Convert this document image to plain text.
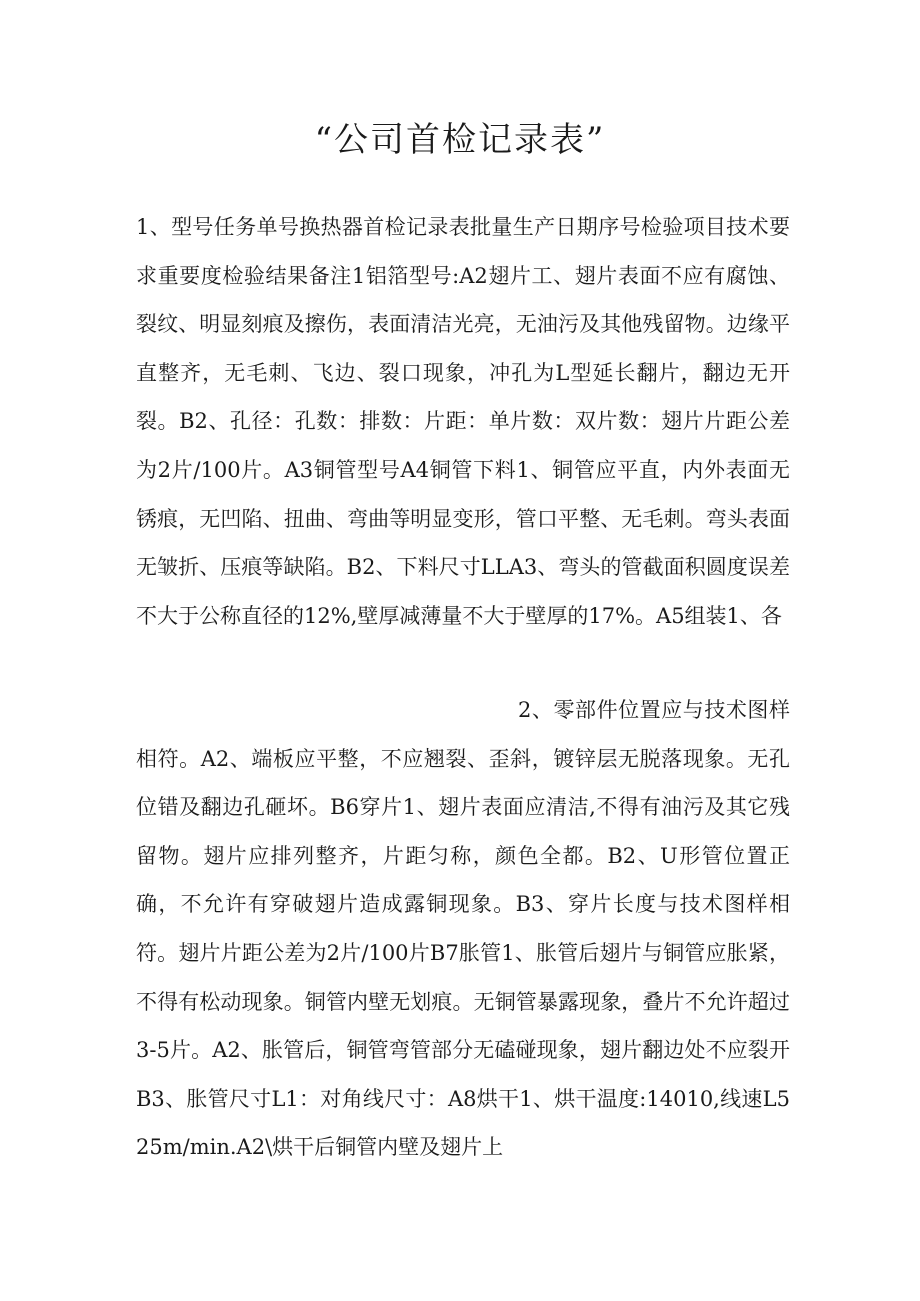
“公司首检记录表”

1、型号任务单号换热器首检记录表批量生产日期序号检验项目技术要求重要度检验结果备注1铝箔型号:A2翅片工、翅片表面不应有腐蚀、裂纹、明显刻痕及擦伤，表面清洁光亮，无油污及其他残留物。边缘平直整齐，无毛刺、飞边、裂口现象，冲孔为L型延长翻片，翻边无开裂。B2、孔径：孔数：排数：片距：单片数：双片数：翅片片距公差为2片/100片。A3铜管型号A4铜管下料1、铜管应平直，内外表面无锈痕，无凹陷、扭曲、弯曲等明显变形，管口平整、无毛刺。弯头表面无皱折、压痕等缺陷。B2、下料尺寸LLA3、弯头的管截面积圆度误差不大于公称直径的12%,壁厚减薄量不大于壁厚的17%。A5组装1、各

2、零部件位置应与技术图样相符。A2、端板应平整，不应翘裂、歪斜，镀锌层无脱落现象。无孔位错及翻边孔砸坏。B6穿片1、翅片表面应清洁,不得有油污及其它残留物。翅片应排列整齐，片距匀称，颜色全都。B2、U形管位置正确，不允许有穿破翅片造成露铜现象。B3、穿片长度与技术图样相符。翅片片距公差为2片/100片B7胀管1、胀管后翅片与铜管应胀紧，不得有松动现象。铜管内壁无划痕。无铜管暴露现象，叠片不允许超过3-5片。A2、胀管后，铜管弯管部分无磕碰现象，翅片翻边处不应裂开B3、胀管尺寸L1：对角线尺寸：A8烘干1、烘干温度:14010,线速L525m/min.A2\烘干后铜管内壁及翅片上
